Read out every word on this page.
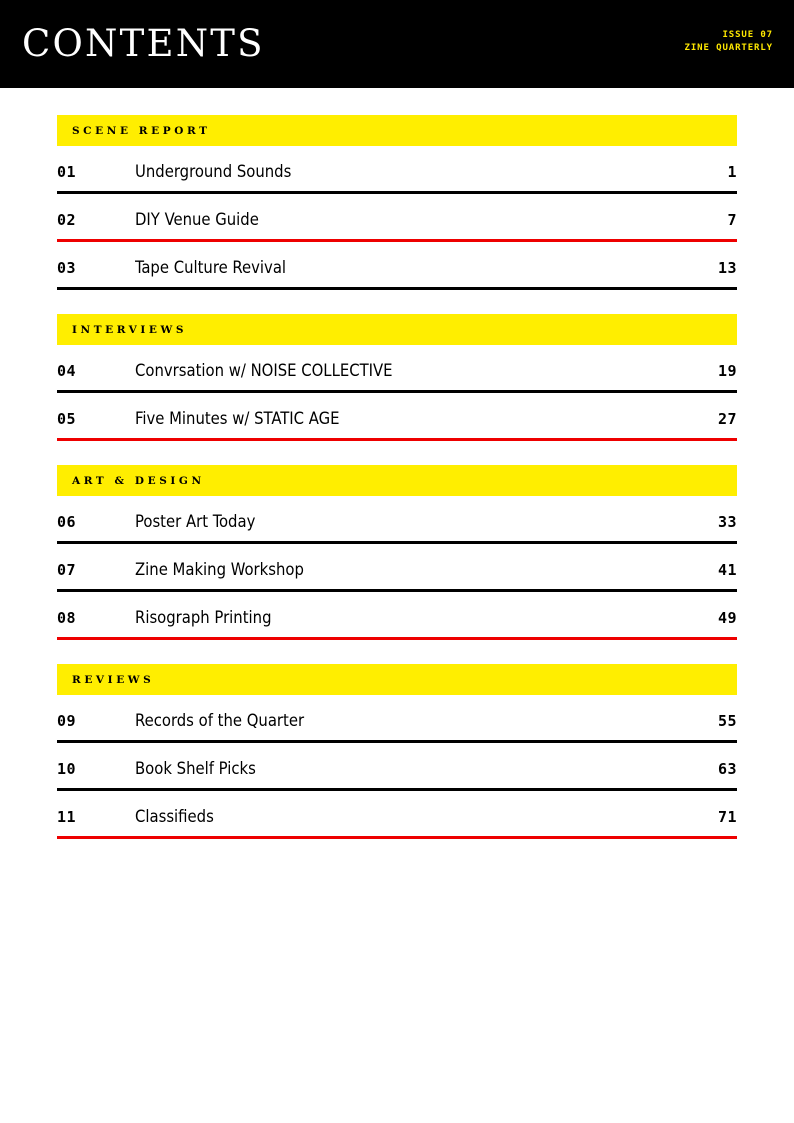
CONTENTS	ISSUE 07
ZINE QUARTERLY
SCENE REPORT
01	Underground Sounds	1
02	DIY Venue Guide	7
03	Tape Culture Revival	13
INTERVIEWS
04	Convrsation w/ NOISE COLLECTIVE	19
05	Five Minutes w/ STATIC AGE	27
ART & DESIGN
06	Poster Art Today	33
07	Zine Making Workshop	41
08	Risograph Printing	49
REVIEWS
09	Records of the Quarter	55
10	Book Shelf Picks	63
11	Classifieds	71
